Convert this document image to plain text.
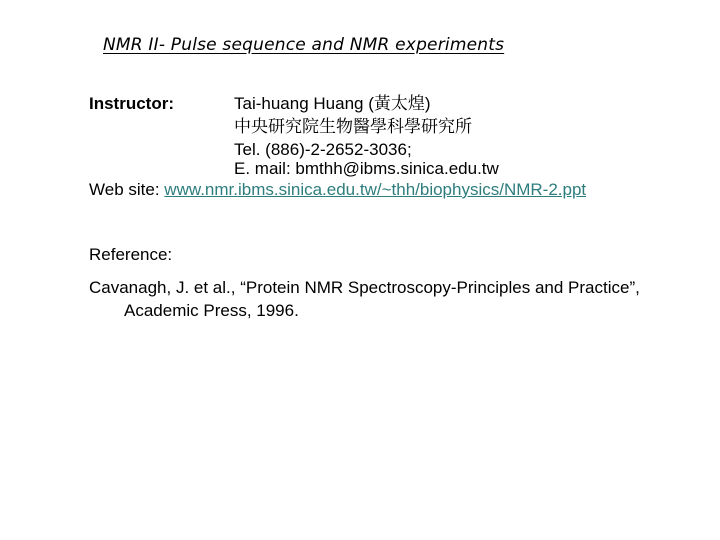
NMR II- Pulse sequence and NMR experiments
Instructor:	Tai-huang Huang (黃太煌)
中央研究院生物醫學科學研究所
Tel. (886)-2-2652-3036;
E. mail: bmthh@ibms.sinica.edu.tw
Web site: www.nmr.ibms.sinica.edu.tw/~thh/biophysics/NMR-2.ppt
Reference:
Cavanagh, J. et al., “Protein NMR Spectroscopy-Principles and Practice”,
Academic Press, 1996.
